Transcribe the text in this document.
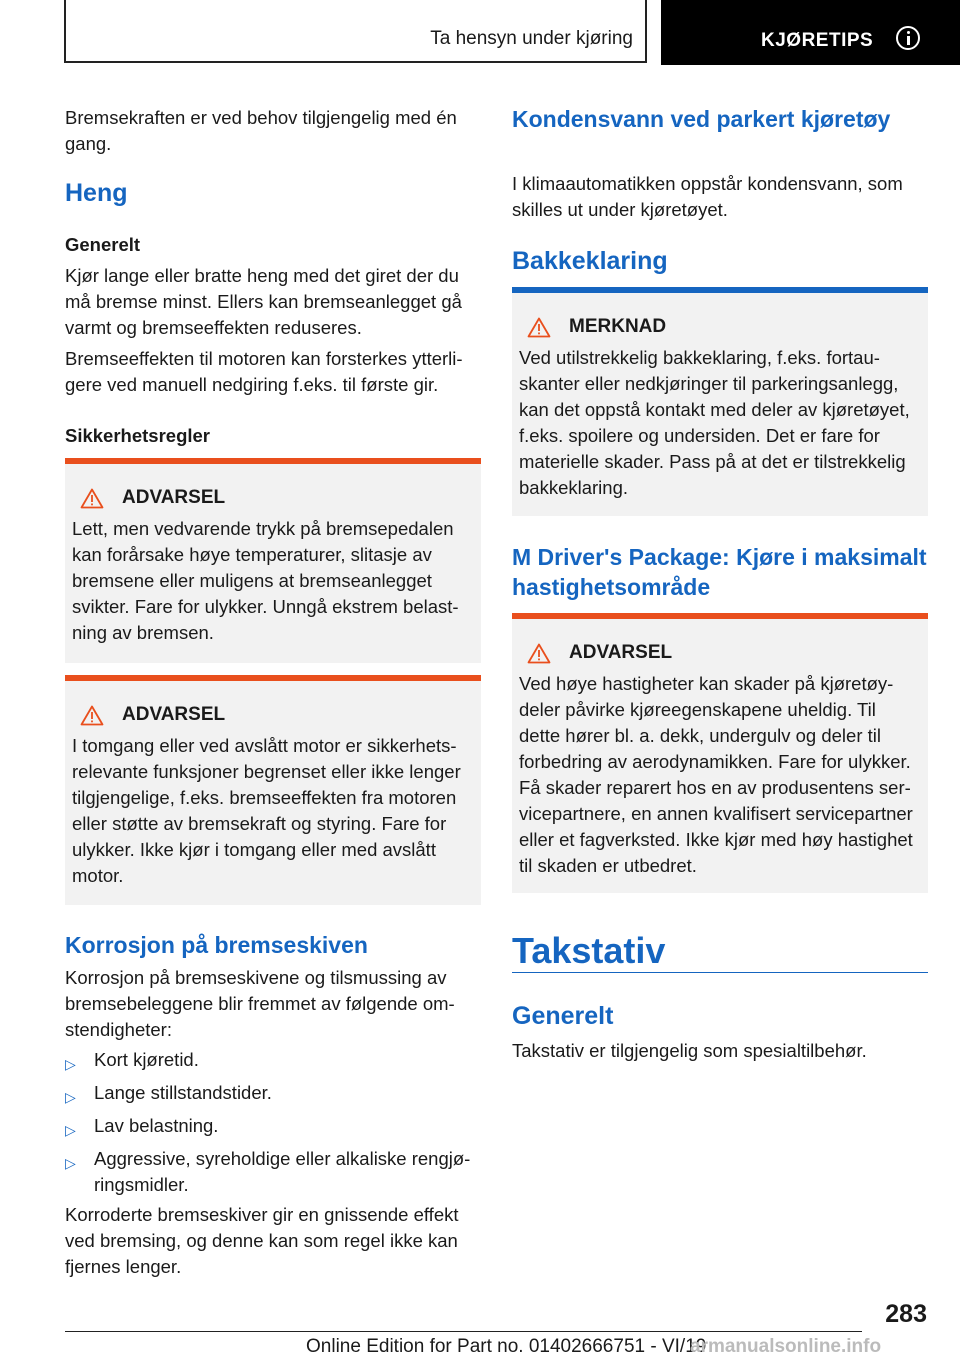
Ta hensyn under kjøring	KJØRETIPS

Bremsekraften er ved behov tilgjengelig med én gang.

Heng

Generelt

Kjør lange eller bratte heng med det giret der du må bremse minst. Ellers kan bremseanlegget gå varmt og bremseeffekten reduseres.

Bremseeffekten til motoren kan forsterkes ytterli-gere ved manuell nedgiring f.eks. til første gir.

Sikkerhetsregler

ADVARSEL

Lett, men vedvarende trykk på bremsepedalen kan forårsake høye temperaturer, slitasje av bremsene eller muligens at bremseanlegget svikter. Fare for ulykker. Unngå ekstrem belast-ning av bremsen.

ADVARSEL

I tomgang eller ved avslått motor er sikkerhets-relevante funksjoner begrenset eller ikke lenger tilgjengelige, f.eks. bremseeffekten fra motoren eller støtte av bremsekraft og styring. Fare for ulykker. Ikke kjør i tomgang eller med avslått motor.

Korrosjon på bremseskiven

Korrosjon på bremseskivene og tilsmussing av bremsebeleggene blir fremmet av følgende om-stendigheter:

▷ Kort kjøretid.
▷ Lange stillstandstider.
▷ Lav belastning.
▷ Aggressive, syreholdige eller alkaliske rengjø-ringsmidler.

Korroderte bremseskiver gir en gnissende effekt ved bremsing, og denne kan som regel ikke kan fjernes lenger.

Kondensvann ved parkert kjøretøy

I klimaautomatikken oppstår kondensvann, som skilles ut under kjøretøyet.

Bakkeklaring
MERKNAD

Ved utilstrekkelig bakkeklaring, f.eks. fortau-skanter eller nedkjøringer til parkeringsanlegg, kan det oppstå kontakt med deler av kjøretøyet, f.eks. spoilere og undersiden. Det er fare for materielle skader. Pass på at det er tilstrekkelig bakkeklaring.

M Driver's Package: Kjøre i maksimalt hastighetsområde
ADVARSEL

Ved høye hastigheter kan skader på kjøretøy-deler påvirke kjøreegenskapene uheldig. Til dette hører bl. a. dekk, undergulv og deler til forbedring av aerodynamikken. Fare for ulykker. Få skader reparert hos en av produsentens ser-vicepartnere, en annen kvalifisert servicepartner eller et fagverksted. Ikke kjør med høy hastighet til skaden er utbedret.

Takstativ
Generelt

Takstativ er tilgjengelig som spesialtilbehør.

283
Online Edition for Part no. 01402666751 - VI/19
armanualsonline.info
